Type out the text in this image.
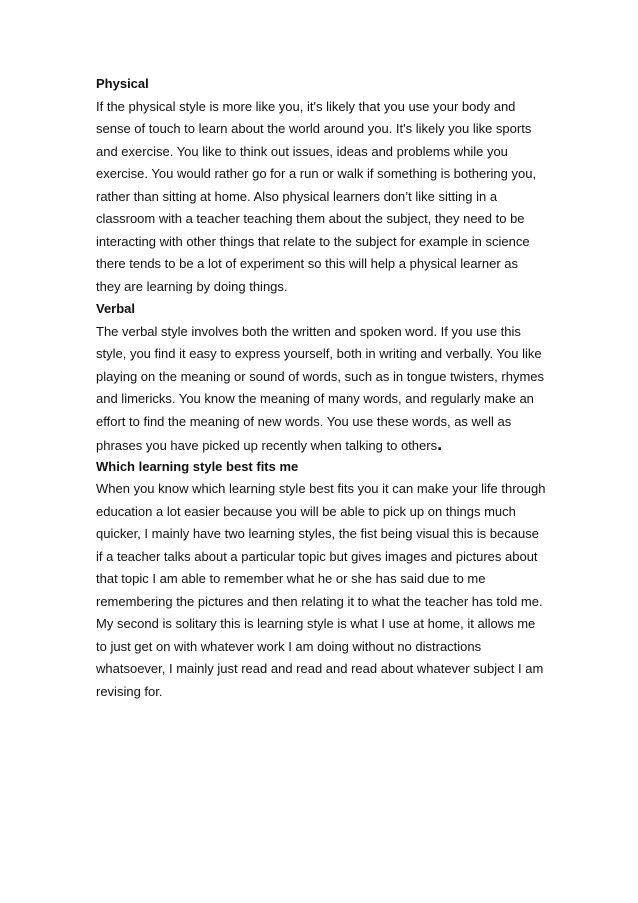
Physical
If the physical style is more like you, it's likely that you use your body and
sense of touch to learn about the world around you. It's likely you like sports
and exercise. You like to think out issues, ideas and problems while you
exercise. You would rather go for a run or walk if something is bothering you,
rather than sitting at home. Also physical learners don’t like sitting in a
classroom with a teacher teaching them about the subject, they need to be
interacting with other things that relate to the subject for example in science
there tends to be a lot of experiment so this will help a physical learner as
they are learning by doing things.
Verbal
The verbal style involves both the written and spoken word. If you use this
style, you find it easy to express yourself, both in writing and verbally. You like
playing on the meaning or sound of words, such as in tongue twisters, rhymes
and limericks. You know the meaning of many words, and regularly make an
effort to find the meaning of new words. You use these words, as well as
phrases you have picked up recently when talking to others.
Which learning style best fits me
When you know which learning style best fits you it can make your life through
education a lot easier because you will be able to pick up on things much
quicker, I mainly have two learning styles, the fist being visual this is because
if a teacher talks about a particular topic but gives images and pictures about
that topic I am able to remember what he or she has said due to me
remembering the pictures and then relating it to what the teacher has told me.
My second is solitary this is learning style is what I use at home, it allows me
to just get on with whatever work I am doing without no distractions
whatsoever, I mainly just read and read and read about whatever subject I am
revising for.
